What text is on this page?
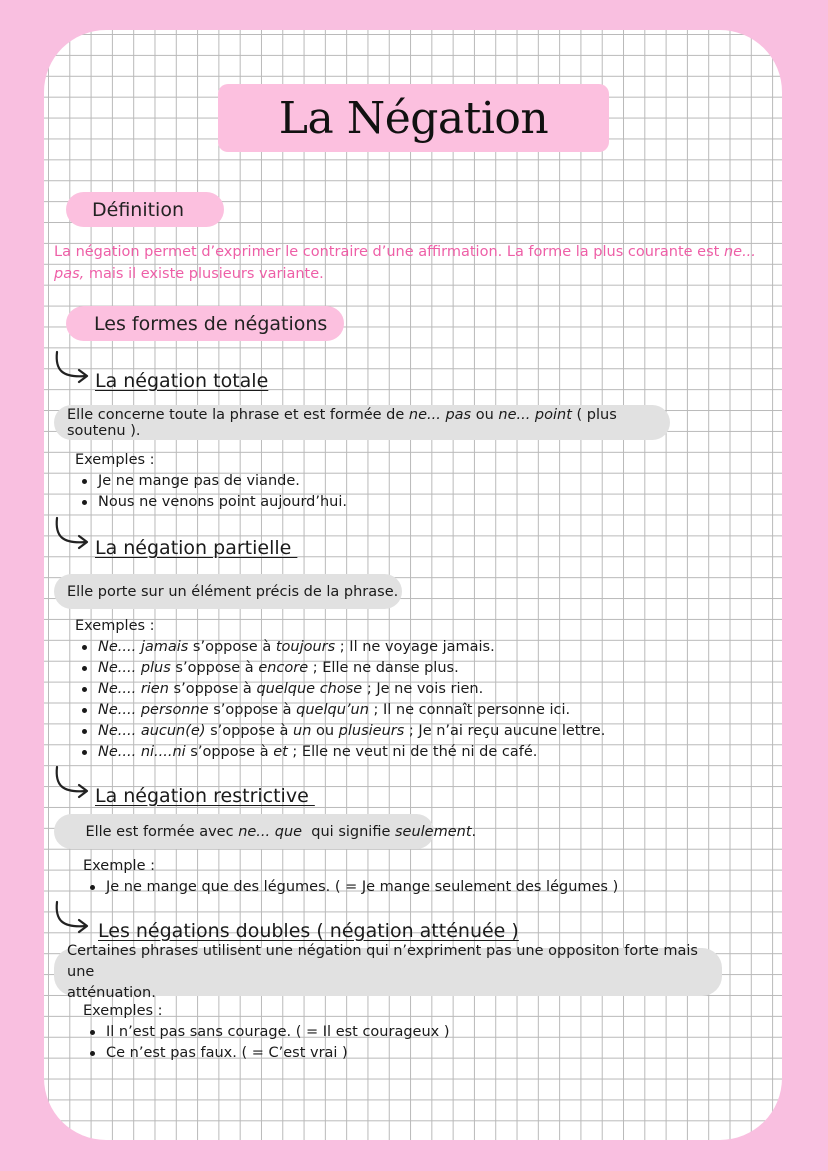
La Négation
Définition
La négation permet d’exprimer le contraire d’une affirmation. La forme la plus courante est ne...
pas, mais il existe plusieurs variante.
Les formes de négations
La négation totale
Elle concerne toute la phrase et est formée de ne... pas ou ne... point ( plus soutenu ).
Exemples :
Je ne mange pas de viande.
Nous ne venons point aujourd’hui.
La négation partielle
Elle porte sur un élément précis de la phrase.
Exemples :
Ne.... jamais s’oppose à toujours ; Il ne voyage jamais.
Ne.... plus s’oppose à encore ; Elle ne danse plus.
Ne.... rien s’oppose à quelque chose ; Je ne vois rien.
Ne.... personne s’oppose à quelqu’un ; Il ne connaît personne ici.
Ne.... aucun(e) s’oppose à un ou plusieurs ; Je n’ai reçu aucune lettre.
Ne.... ni....ni s’oppose à et ; Elle ne veut ni de thé ni de café.
La négation restrictive

Elle est formée avec ne... que  qui signifie seulement.

Exemple :
Je ne mange que des légumes. ( = Je mange seulement des légumes )
Les négations doubles ( négation atténuée )
Certaines phrases utilisent une négation qui n’expriment pas une oppositon forte mais une
atténuation.
Exemples :
Il n’est pas sans courage. ( = Il est courageux )
Ce n’est pas faux. ( = C’est vrai )
